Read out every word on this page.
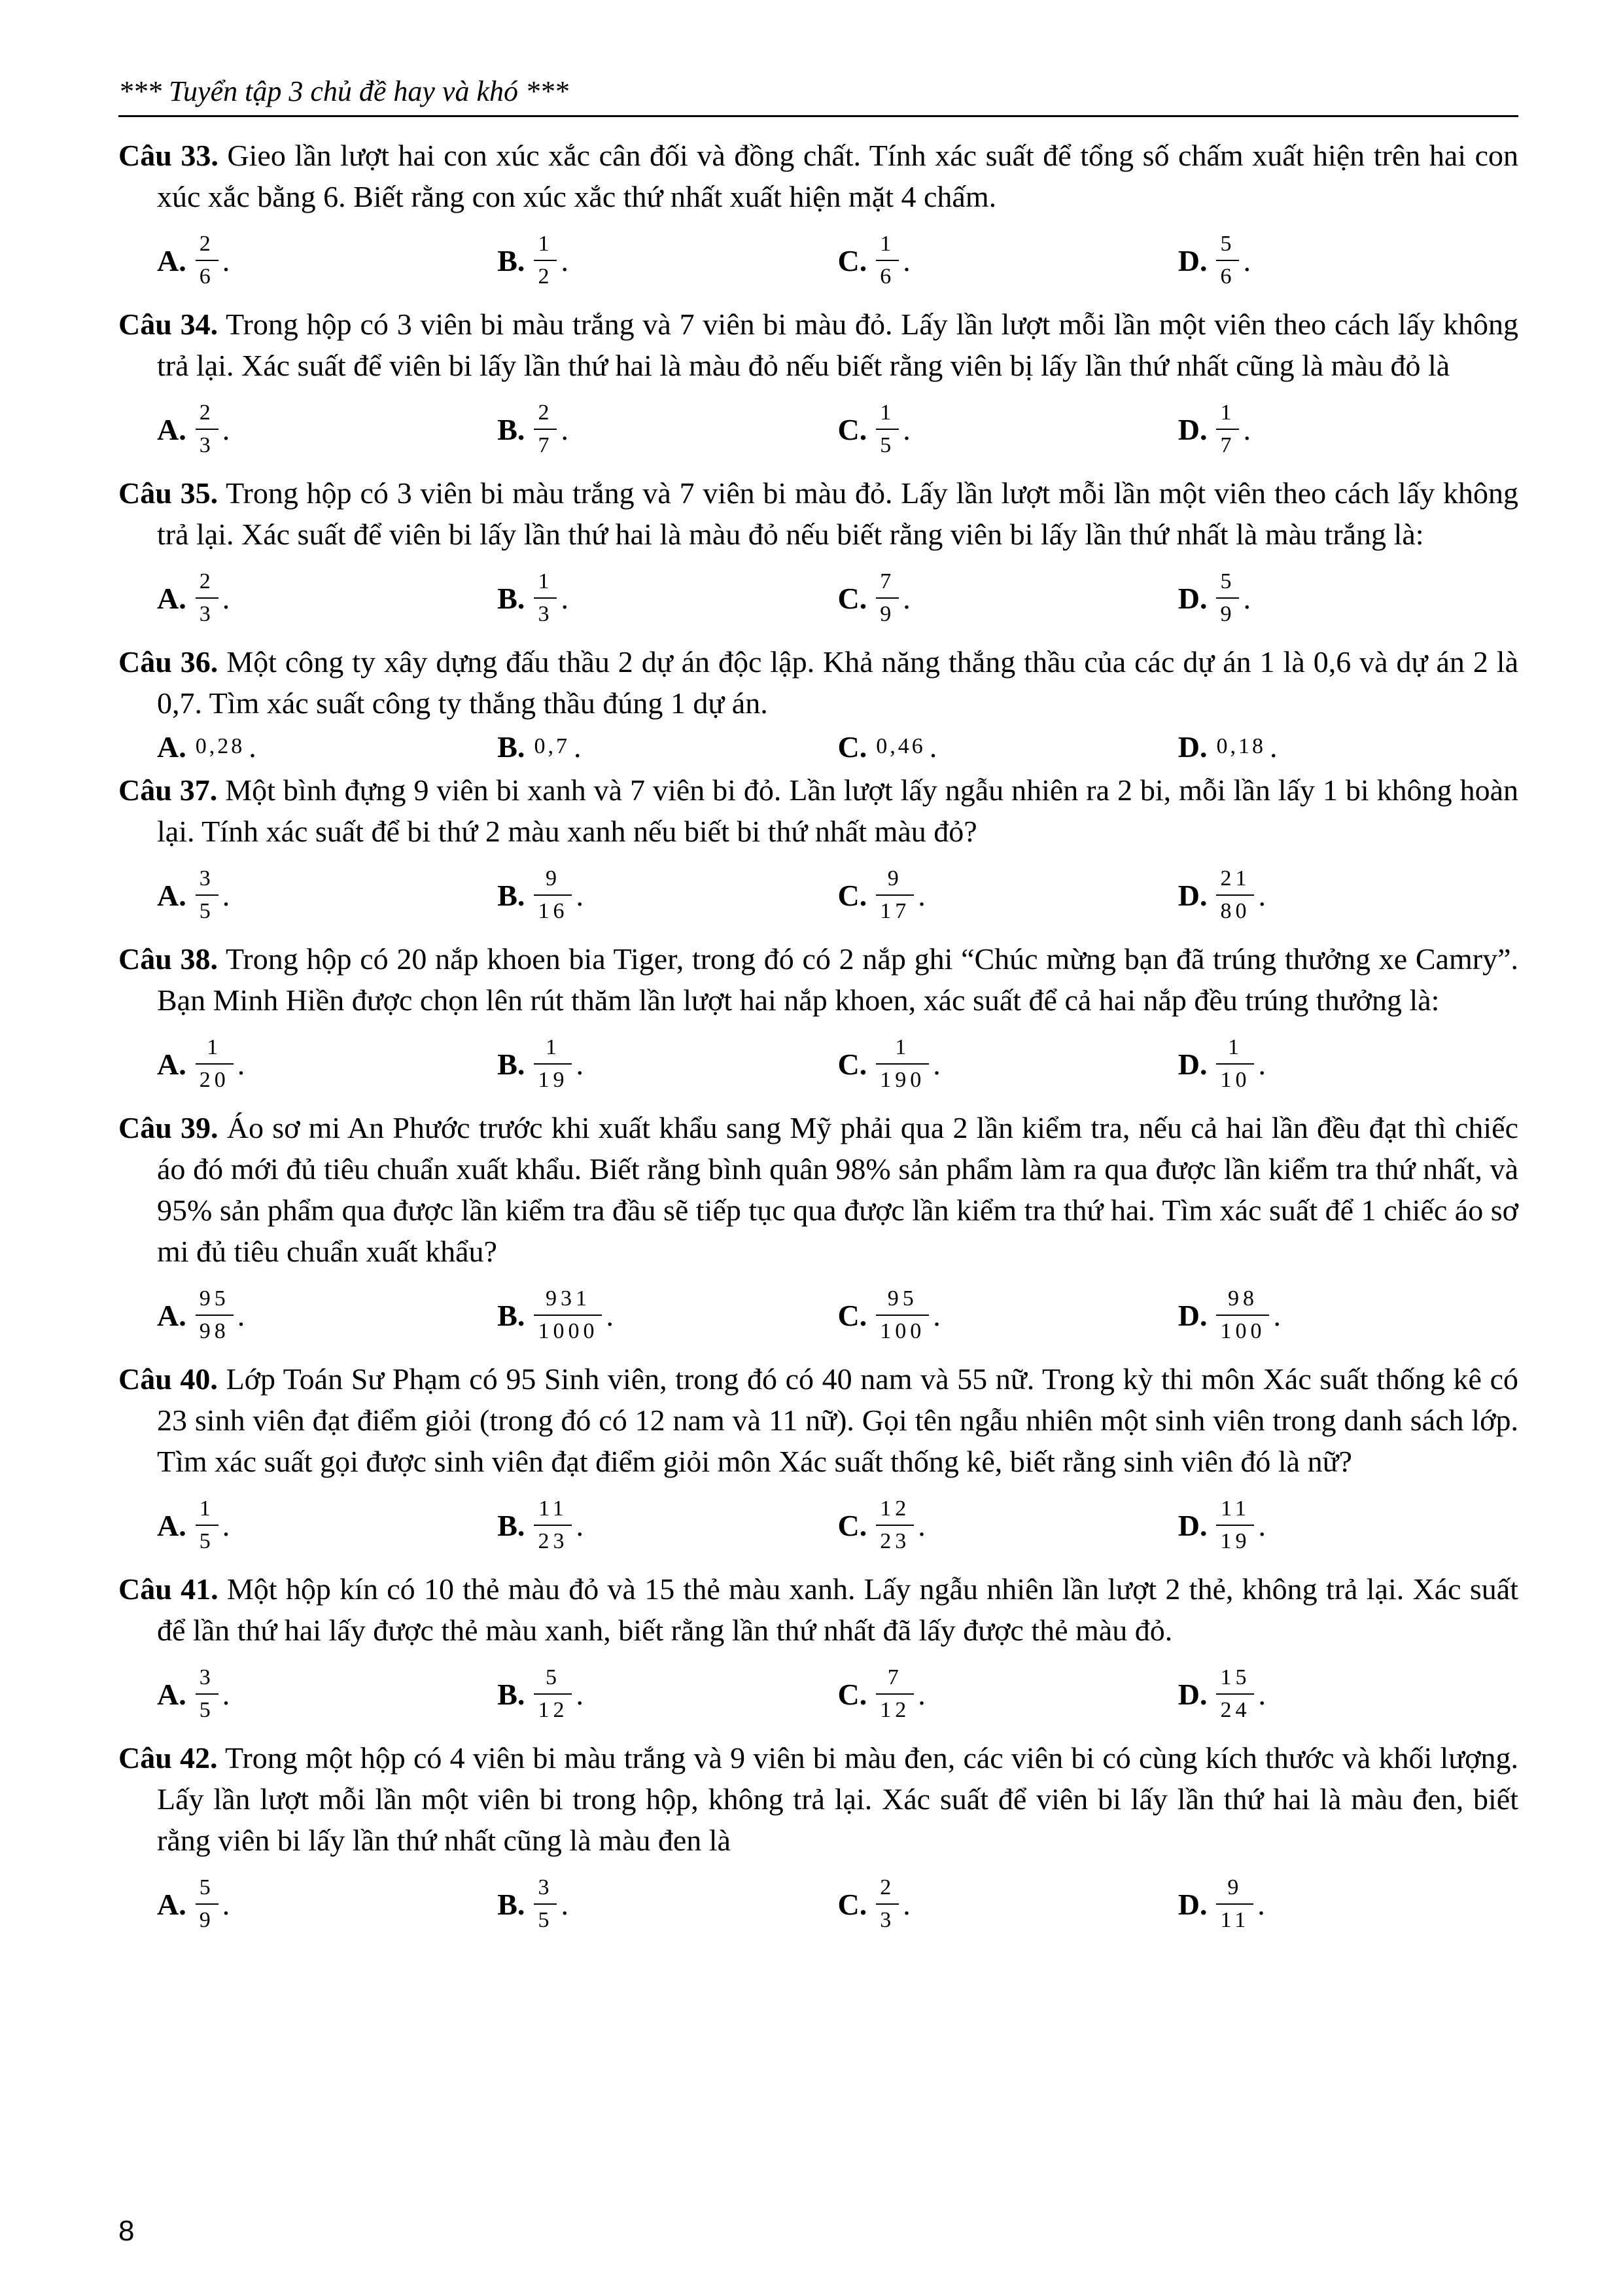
*** Tuyển tập 3 chủ đề hay và khó ***

Câu 33. Gieo lần lượt hai con xúc xắc cân đối và đồng chất. Tính xác suất để tổng số chấm xuất hiện trên hai con xúc xắc bằng 6. Biết rằng con xúc xắc thứ nhất xuất hiện mặt 4 chấm.

A. $\frac{2}{6}$ .	B. $\frac{1}{2}$ .	C. $\frac{1}{6}$ .	D. $\frac{5}{6}$ .

Câu 34. Trong hộp có 3 viên bi màu trắng và 7 viên bi màu đỏ. Lấy lần lượt mỗi lần một viên theo cách lấy không trả lại. Xác suất để viên bi lấy lần thứ hai là màu đỏ nếu biết rằng viên bị lấy lần thứ nhất cũng là màu đỏ là

A. $\frac{2}{3}$ .	B. $\frac{2}{7}$ .	C. $\frac{1}{5}$ .	D. $\frac{1}{7}$ .

Câu 35. Trong hộp có 3 viên bi màu trắng và 7 viên bi màu đỏ. Lấy lần lượt mỗi lần một viên theo cách lấy không trả lại. Xác suất để viên bi lấy lần thứ hai là màu đỏ nếu biết rằng viên bi lấy lần thứ nhất là màu trắng là:

A. $\frac{2}{3}$ .	B. $\frac{1}{3}$ .	C. $\frac{7}{9}$ .	D. $\frac{5}{9}$ .

Câu 36. Một công ty xây dựng đấu thầu 2 dự án độc lập. Khả năng thắng thầu của các dự án 1 là 0,6 và dự án 2 là 0,7. Tìm xác suất công ty thắng thầu đúng 1 dự án.

A. 0,28 .	B. 0,7 .	C. 0,46 .	D. 0,18 .

Câu 37. Một bình đựng 9 viên bi xanh và 7 viên bi đỏ. Lần lượt lấy ngẫu nhiên ra 2 bi, mỗi lần lấy 1 bi không hoàn lại. Tính xác suất để bi thứ 2 màu xanh nếu biết bi thứ nhất màu đỏ?

A. $\frac{3}{5}$ .	B. $\frac{9}{16}$ .	C. $\frac{9}{17}$ .	D. $\frac{21}{80}$ .

Câu 38. Trong hộp có 20 nắp khoen bia Tiger, trong đó có 2 nắp ghi “Chúc mừng bạn đã trúng thưởng xe Camry”. Bạn Minh Hiền được chọn lên rút thăm lần lượt hai nắp khoen, xác suất để cả hai nắp đều trúng thưởng là:

A. $\frac{1}{20}$ .	B. $\frac{1}{19}$ .	C. $\frac{1}{190}$ .	D. $\frac{1}{10}$ .

Câu 39. Áo sơ mi An Phước trước khi xuất khẩu sang Mỹ phải qua 2 lần kiểm tra, nếu cả hai lần đều đạt thì chiếc áo đó mới đủ tiêu chuẩn xuất khẩu. Biết rằng bình quân 98% sản phẩm làm ra qua được lần kiểm tra thứ nhất, và 95% sản phẩm qua được lần kiểm tra đầu sẽ tiếp tục qua được lần kiểm tra thứ hai. Tìm xác suất để 1 chiếc áo sơ mi đủ tiêu chuẩn xuất khẩu?

A. $\frac{95}{98}$ .	B. $\frac{931}{1000}$ .	C. $\frac{95}{100}$ .	D. $\frac{98}{100}$ .

Câu 40. Lớp Toán Sư Phạm có 95 Sinh viên, trong đó có 40 nam và 55 nữ. Trong kỳ thi môn Xác suất thống kê có 23 sinh viên đạt điểm giỏi (trong đó có 12 nam và 11 nữ). Gọi tên ngẫu nhiên một sinh viên trong danh sách lớp. Tìm xác suất gọi được sinh viên đạt điểm giỏi môn Xác suất thống kê, biết rằng sinh viên đó là nữ?

A. $\frac{1}{5}$ .	B. $\frac{11}{23}$ .	C. $\frac{12}{23}$ .	D. $\frac{11}{19}$ .

Câu 41. Một hộp kín có 10 thẻ màu đỏ và 15 thẻ màu xanh. Lấy ngẫu nhiên lần lượt 2 thẻ, không trả lại. Xác suất để lần thứ hai lấy được thẻ màu xanh, biết rằng lần thứ nhất đã lấy được thẻ màu đỏ.

A. $\frac{3}{5}$ .	B. $\frac{5}{12}$ .	C. $\frac{7}{12}$ .	D. $\frac{15}{24}$ .

Câu 42. Trong một hộp có 4 viên bi màu trắng và 9 viên bi màu đen, các viên bi có cùng kích thước và khối lượng. Lấy lần lượt mỗi lần một viên bi trong hộp, không trả lại. Xác suất để viên bi lấy lần thứ hai là màu đen, biết rằng viên bi lấy lần thứ nhất cũng là màu đen là

A. $\frac{5}{9}$ .	B. $\frac{3}{5}$ .	C. $\frac{2}{3}$ .	D. $\frac{9}{11}$ .
8
